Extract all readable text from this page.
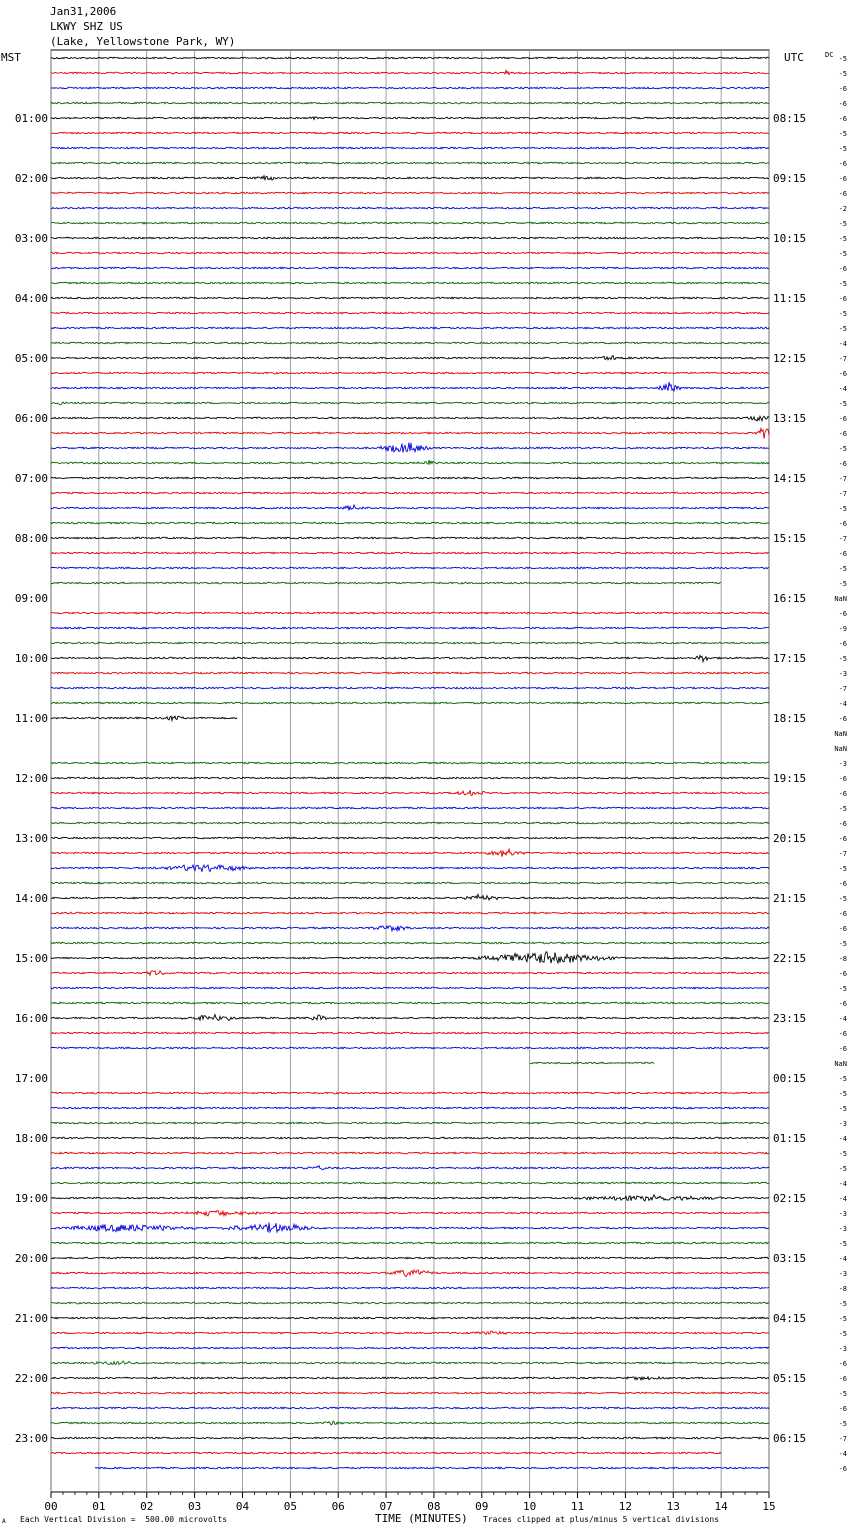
Jan31,2006
LKWY SHZ US
(Lake, Yellowstone Park, WY)
00	01	02	03	04	05	06	07	08	09	10	11	12	13	14	15
MST	UTC	DC
01:00
02:00
03:00
04:00
05:00
06:00
07:00
08:00
09:00
10:00
11:00
12:00
13:00
14:00
15:00
16:00
17:00
18:00
19:00
20:00
21:00
22:00
23:00
08:15
09:15
10:15
11:15
12:15
13:15
14:15
15:15
16:15
17:15
18:15
19:15
20:15
21:15
22:15
23:15
00:15
01:15
02:15
03:15
04:15
05:15
06:15
-5
-5
-6
-6
-6
-5
-5
-6
-6
-6
-2
-5
-5
-5
-6
-5
-6
-5
-5
-4
-7
-6
-4
-5
-6
-6
-5
-6
-7
-7
-5
-6
-7
-6
-5
-5
NaN
-6
-9
-6
-5
-3
-7
-4
-6
NaN
NaN
-3
-6
-6
-5
-6
-6
-7
-5
-6
-5
-6
-6
-5
-8
-6
-5
-6
-4
-6
-6
NaN
-5
-5
-5
-3
-4
-5
-5
-4
-4
-3
-3
-5
-4
-3
-8
-5
-5
-5
-3
-6
-6
-5
-6
-5
-7
-4
-6
A Each Vertical Division =  500.00 microvolts	TIME (MINUTES) Traces clipped at plus/minus 5 vertical divisions
